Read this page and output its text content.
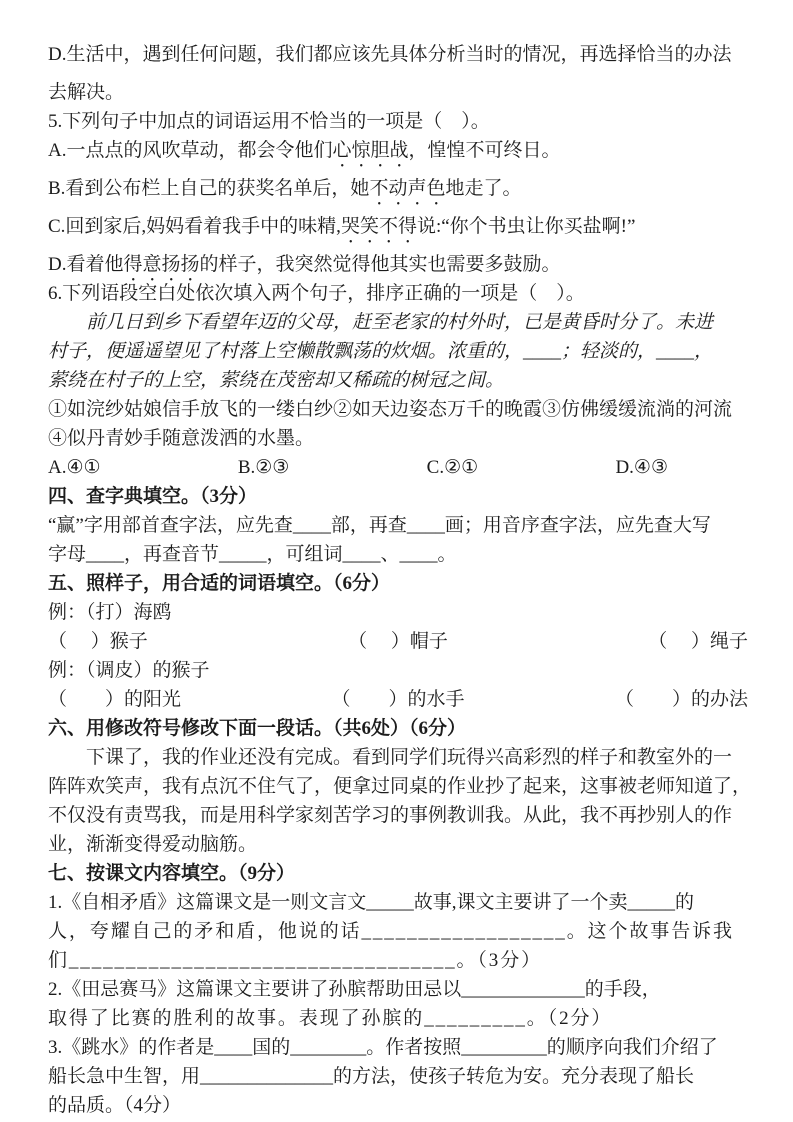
D.生活中，遇到任何问题，我们都应该先具体分析当时的情况，再选择恰当的办法
去解决。
5.下列句子中加点的词语运用不恰当的一项是（　）。
A.一点点的风吹草动，都会令他们心惊胆战，惶惶不可终日。
B.看到公布栏上自己的获奖名单后，她不动声色地走了。
C.回到家后,妈妈看着我手中的味精,哭笑不得说:“你个书虫让你买盐啊!”
D.看着他得意扬扬的样子，我突然觉得他其实也需要多鼓励。
6.下列语段空白处依次填入两个句子，排序正确的一项是（　）。
前几日到乡下看望年迈的父母，赶至老家的村外时，已是黄昏时分了。未进
村子，便遥遥望见了村落上空懒散飘荡的炊烟。浓重的，____；轻淡的，____，
萦绕在村子的上空，萦绕在茂密却又稀疏的树冠之间。
①如浣纱姑娘信手放飞的一缕白纱②如天边姿态万千的晚霞③仿佛缓缓流淌的河流
④似丹青妙手随意泼洒的水墨。
A.④①	B.②③	C.②①	D.④③
四、查字典填空。（3分）
“赢”字用部首查字法，应先查____部，再查____画；用音序查字法，应先查大写
字母____，再查音节_____，可组词____、____。
五、照样子，用合适的词语填空。（6分）
例：（打）海鸥
（　 ）猴子	（　 ）帽子	（　 ）绳子
例：（调皮）的猴子
（　　）的阳光	（　　）的水手	（　　）的办法
六、用修改符号修改下面一段话。（共6处）（6分）
下课了，我的作业还没有完成。看到同学们玩得兴高彩烈的样子和教室外的一
阵阵欢笑声，我有点沉不住气了，便拿过同桌的作业抄了起来，这事被老师知道了，
不仅没有责骂我，而是用科学家刻苦学习的事例教训我。从此，我不再抄别人的作
业，渐渐变得爱动脑筋。
七、按课文内容填空。（9分）
1.《自相矛盾》这篇课文是一则文言文_____故事,课文主要讲了一个卖_____的
人，夸耀自己的矛和盾，他说的话__________________。这个故事告诉我
们__________________________________。（3分）
2.《田忌赛马》这篇课文主要讲了孙膑帮助田忌以_____________的手段，
取得了比赛的胜利的故事。表现了孙膑的_________。（2分）
3.《跳水》的作者是____国的________。作者按照_________的顺序向我们介绍了
船长急中生智，用______________的方法，使孩子转危为安。充分表现了船长
的品质。（4分）
